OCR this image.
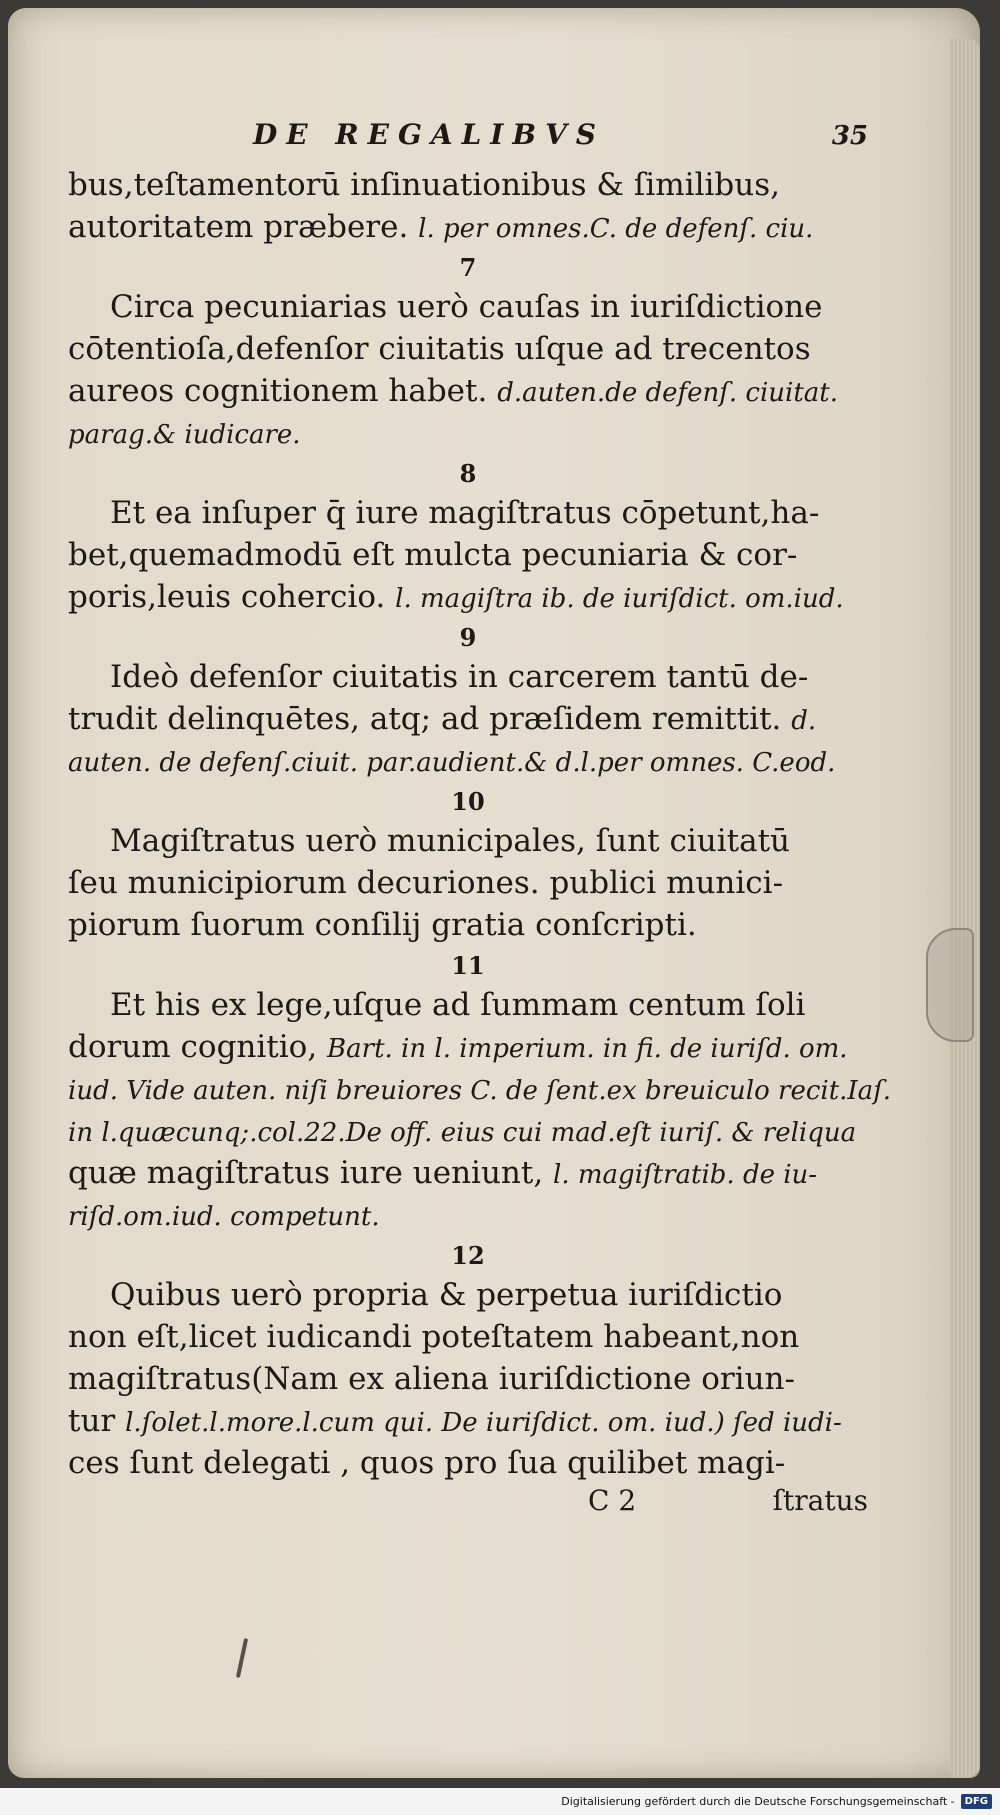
DE REGALIBVS	35
bus,teſtamentorū inſinuationibus & ſimilibus,
autoritatem præbere. l. per omnes.C. de defenſ. ciu.
7
Circa pecuniarias uerò cauſas in iuriſdictione
cōtentioſa,defenſor ciuitatis uſque ad trecentos
aureos cognitionem habet. d.auten.de defenſ. ciuitat.
parag.& iudicare.
8
Et ea inſuper q̄ iure magiſtratus cōpetunt,ha-
bet,quemadmodū eſt mulcta pecuniaria & cor-
poris,leuis cohercio. l. magiſtra ib. de iuriſdict. om.iud.
9
Ideò defenſor ciuitatis in carcerem tantū de-
trudit delinquētes, atq; ad præſidem remittit. d.
auten. de defenſ.ciuit. par.audient.& d.l.per omnes. C.eod.
10
Magiſtratus uerò municipales, ſunt ciuitatū
ſeu municipiorum decuriones. publici munici-
piorum ſuorum conſilij gratia conſcripti.
11
Et his ex lege,uſque ad ſummam centum ſoli
dorum cognitio, Bart. in l. imperium. in fi. de iuriſd. om.
iud. Vide auten. niſi breuiores C. de ſent.ex breuiculo recit.Iaſ.
in l.quæcunq;.col.22.De off. eius cui mad.eſt iuriſ. & reliqua
quæ magiſtratus iure ueniunt, l. magiſtratib. de iu-
riſd.om.iud. competunt.
12
Quibus uerò propria & perpetua iuriſdictio
non eſt,licet iudicandi poteſtatem habeant,non
magiſtratus(Nam ex aliena iuriſdictione oriun-
tur l.ſolet.l.more.l.cum qui. De iuriſdict. om. iud.) ſed iudi-
ces ſunt delegati , quos pro ſua quilibet magi-
C 2	ſtratus
Digitalisierung gefördert durch die Deutsche Forschungsgemeinschaft -	DFG
